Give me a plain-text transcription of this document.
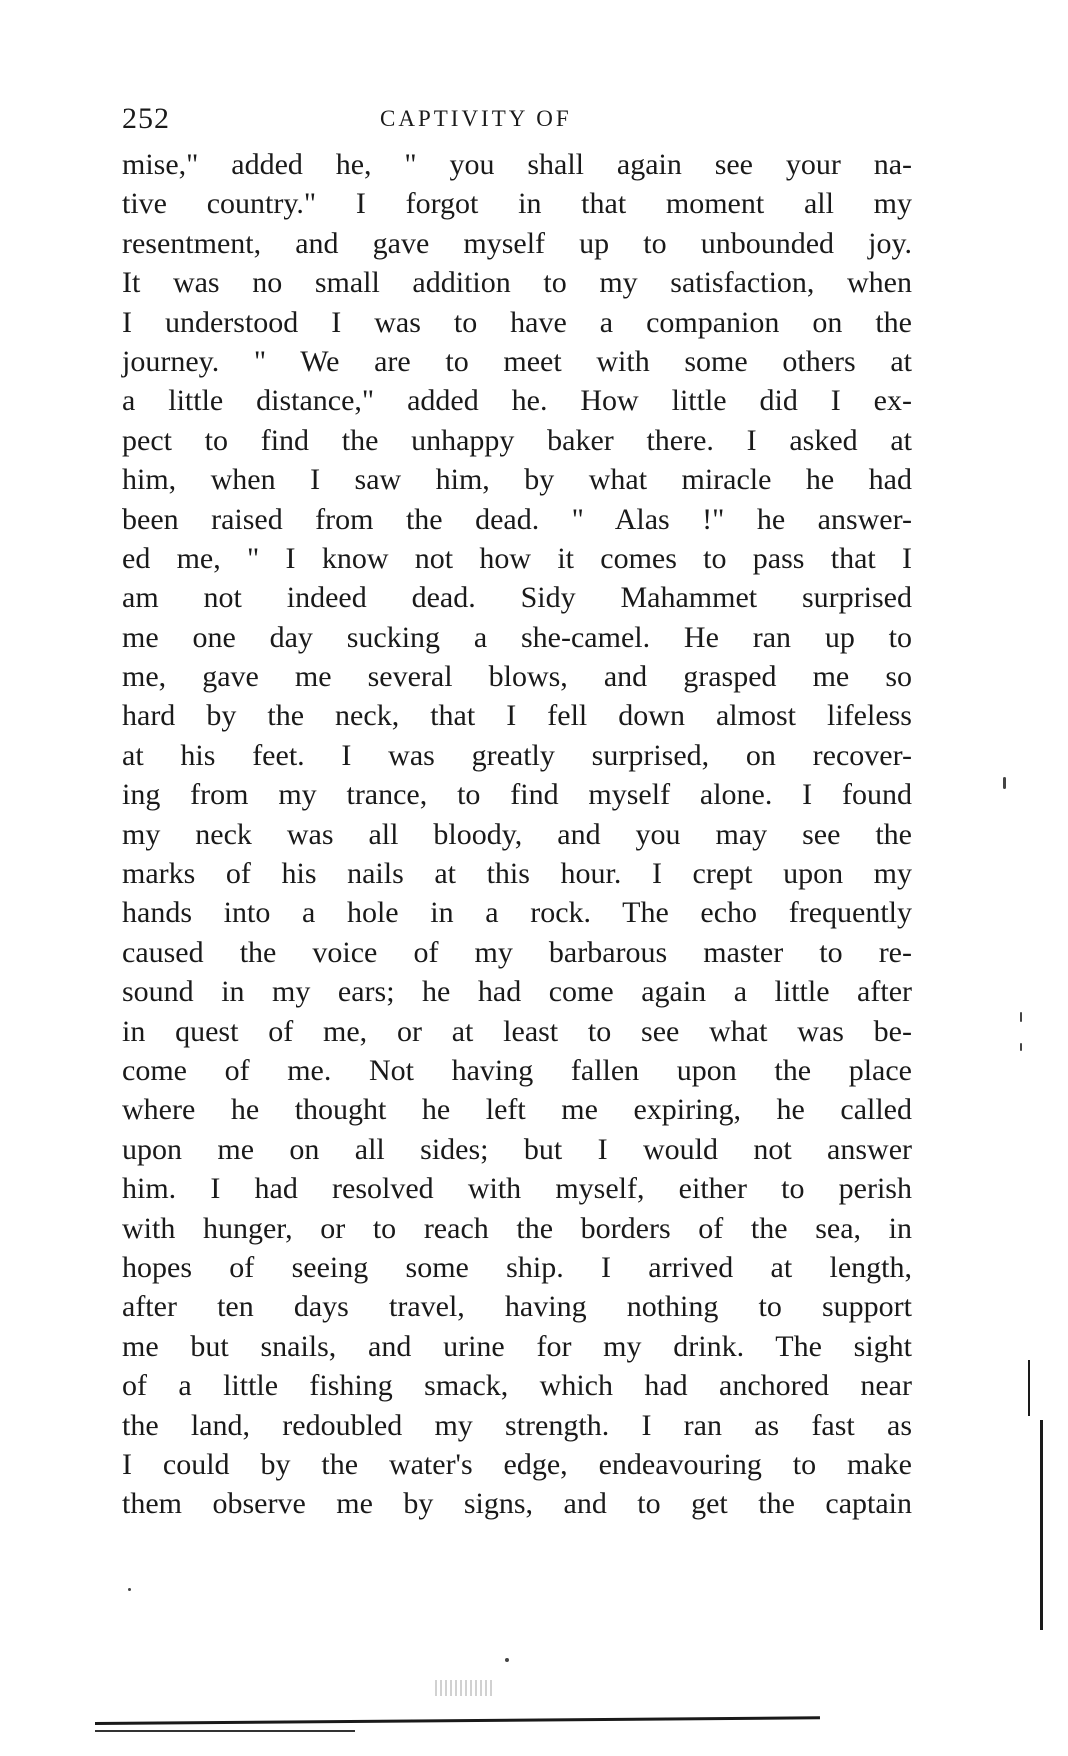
252	CAPTIVITY OF
mise," added he, " you shall again see your na-
tive country." I forgot in that moment all my
resentment, and gave myself up to unbounded joy.
It was no small addition to my satisfaction, when
I understood I was to have a companion on the
journey. " We are to meet with some others at
a little distance," added he. How little did I ex-
pect to find the unhappy baker there. I asked at
him, when I saw him, by what miracle he had
been raised from the dead. " Alas !" he answer-
ed me, " I know not how it comes to pass that I
am not indeed dead. Sidy Mahammet surprised
me one day sucking a she-camel. He ran up to
me, gave me several blows, and grasped me so
hard by the neck, that I fell down almost lifeless
at his feet. I was greatly surprised, on recover-
ing from my trance, to find myself alone. I found
my neck was all bloody, and you may see the
marks of his nails at this hour. I crept upon my
hands into a hole in a rock. The echo frequently
caused the voice of my barbarous master to re-
sound in my ears; he had come again a little after
in quest of me, or at least to see what was be-
come of me. Not having fallen upon the place
where he thought he left me expiring, he called
upon me on all sides; but I would not answer
him. I had resolved with myself, either to perish
with hunger, or to reach the borders of the sea, in
hopes of seeing some ship. I arrived at length,
after ten days travel, having nothing to support
me but snails, and urine for my drink. The sight
of a little fishing smack, which had anchored near
the land, redoubled my strength. I ran as fast as
I could by the water's edge, endeavouring to make
them observe me by signs, and to get the captain
